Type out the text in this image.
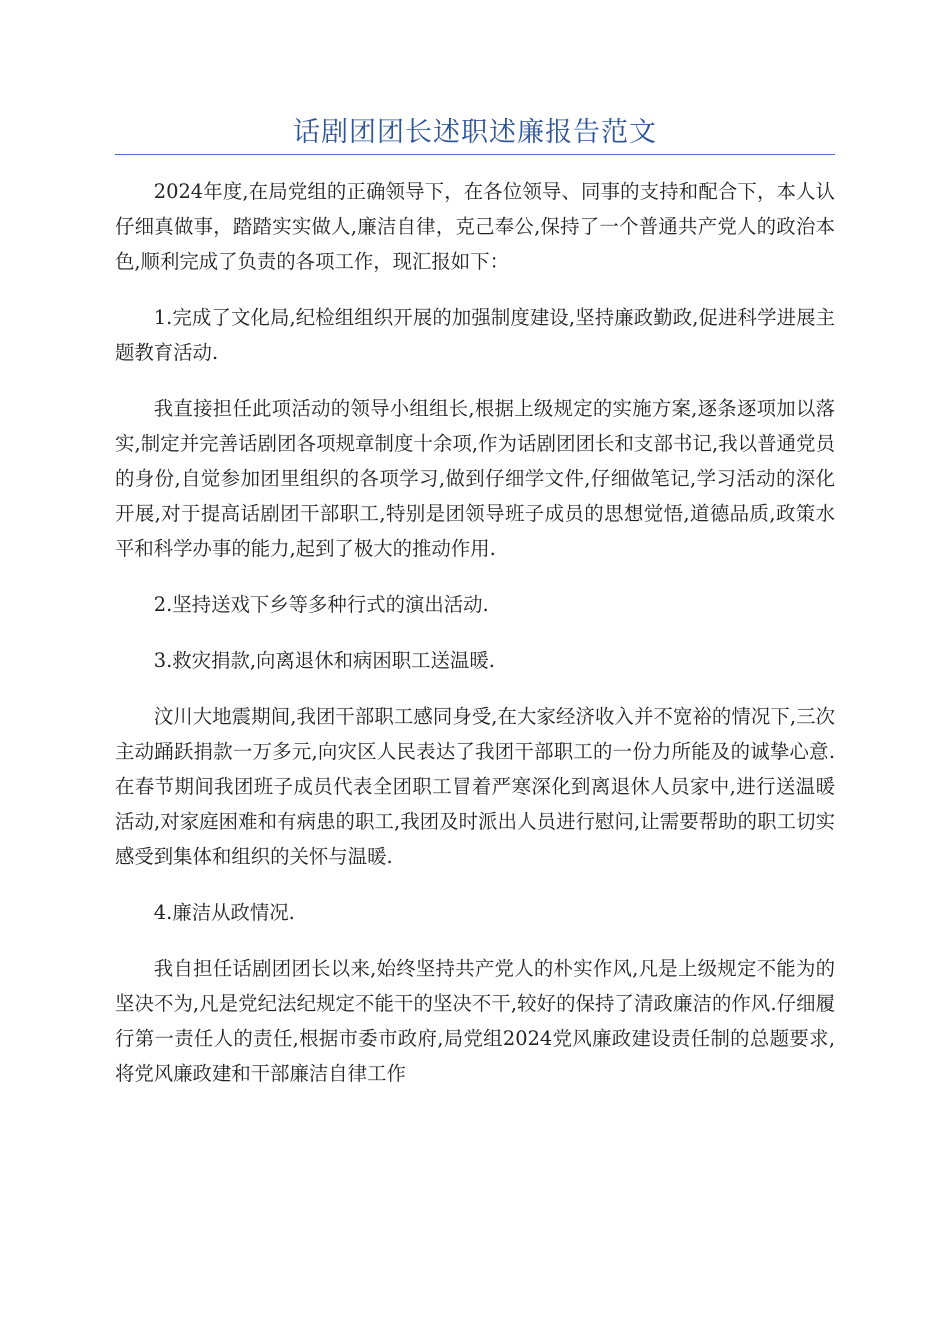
话剧团团长述职述廉报告范文

2024年度,在局党组的正确领导下，在各位领导、同事的支持和配合下，本人认仔细真做事，踏踏实实做人,廉洁自律，克己奉公,保持了一个普通共产党人的政治本色,顺利完成了负责的各项工作，现汇报如下：

1.完成了文化局,纪检组组织开展的加强制度建设,坚持廉政勤政,促进科学进展主题教育活动.

我直接担任此项活动的领导小组组长,根据上级规定的实施方案,逐条逐项加以落实,制定并完善话剧团各项规章制度十余项,作为话剧团团长和支部书记,我以普通党员的身份,自觉参加团里组织的各项学习,做到仔细学文件,仔细做笔记,学习活动的深化开展,对于提高话剧团干部职工,特别是团领导班子成员的思想觉悟,道德品质,政策水平和科学办事的能力,起到了极大的推动作用.

2.坚持送戏下乡等多种行式的演出活动.

3.救灾捐款,向离退休和病困职工送温暖.

汶川大地震期间,我团干部职工感同身受,在大家经济收入并不宽裕的情况下,三次主动踊跃捐款一万多元,向灾区人民表达了我团干部职工的一份力所能及的诚挚心意.在春节期间我团班子成员代表全团职工冒着严寒深化到离退休人员家中,进行送温暖活动,对家庭困难和有病患的职工,我团及时派出人员进行慰问,让需要帮助的职工切实感受到集体和组织的关怀与温暖.

4.廉洁从政情况.

我自担任话剧团团长以来,始终坚持共产党人的朴实作风,凡是上级规定不能为的坚决不为,凡是党纪法纪规定不能干的坚决不干,较好的保持了清政廉洁的作风.仔细履行第一责任人的责任,根据市委市政府,局党组2024党风廉政建设责任制的总题要求,将党风廉政建和干部廉洁自律工作
